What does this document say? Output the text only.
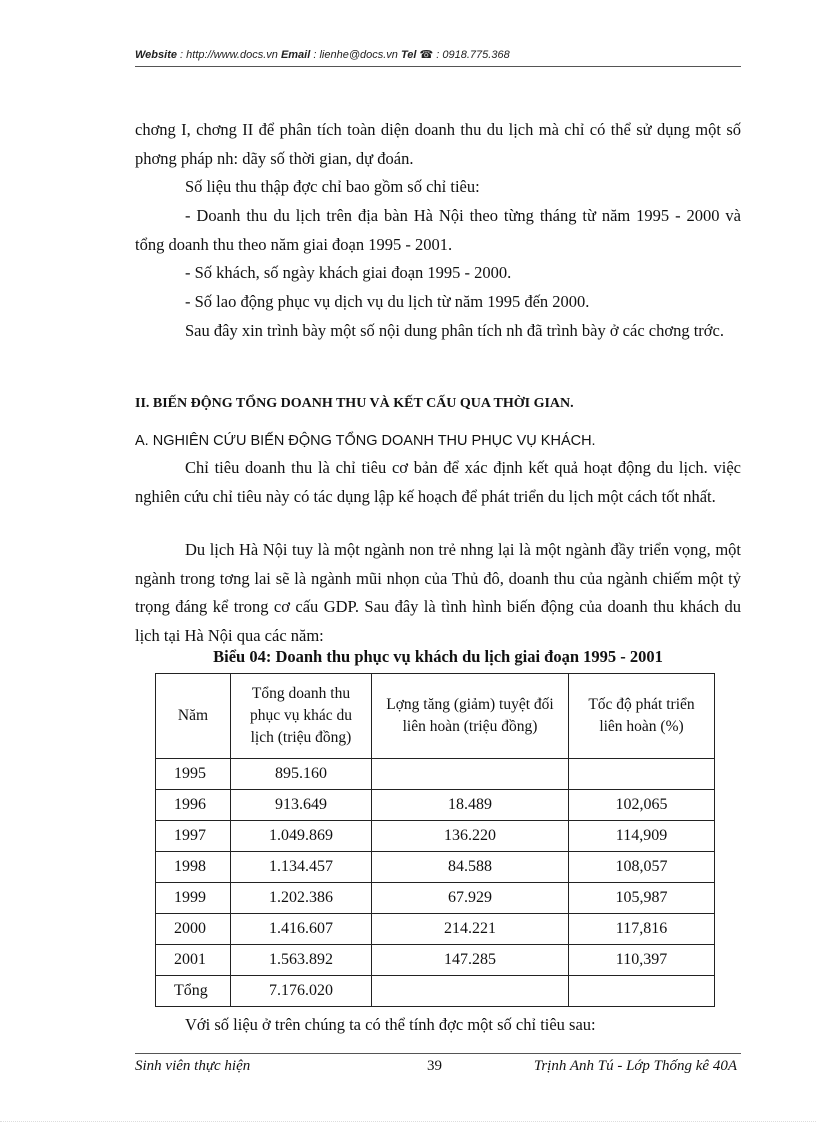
Website : http://www.docs.vn Email : lienhe@docs.vn Tel ☎ : 0918.775.368

chơng I, chơng II để phân tích toàn diện doanh thu du lịch mà chỉ có thể sử dụng một số phơng pháp nh: dãy số thời gian, dự đoán.

Số liệu thu thập đợc chỉ bao gồm số chỉ tiêu:

- Doanh thu du lịch trên địa bàn Hà Nội theo từng tháng từ năm 1995 - 2000 và tổng doanh thu theo năm giai đoạn 1995 - 2001.

- Số khách, số ngày khách giai đoạn 1995 - 2000.

- Số lao động phục vụ dịch vụ du lịch từ năm 1995 đến 2000.

Sau đây xin trình bày một số nội dung phân tích nh đã trình bày ở các chơng trớc.

II. BIẾN ĐỘNG TỔNG DOANH THU VÀ KẾT CẤU QUA THỜI GIAN.

A. NGHIÊN CỨU BIẾN ĐỘNG TỔNG DOANH THU PHỤC VỤ KHÁCH.

Chỉ tiêu doanh thu là chỉ tiêu cơ bản để xác định kết quả hoạt động du lịch. việc nghiên cứu chỉ tiêu này có tác dụng lập kế hoạch để phát triển du lịch một cách tốt nhất.

Du lịch Hà Nội tuy là một ngành non trẻ nhng lại là một ngành đầy triển vọng, một ngành trong tơng lai sẽ là ngành mũi nhọn của Thủ đô, doanh thu của ngành chiếm một tỷ trọng đáng kể trong cơ cấu GDP. Sau đây là tình hình biến động của doanh thu khách du lịch tại Hà Nội qua các năm:

Biểu 04: Doanh thu phục vụ khách du lịch giai đoạn 1995 - 2001

Năm	Tổng doanh thu phục vụ khác du lịch (triệu đồng)	Lợng tăng (giảm) tuyệt đối liên hoàn (triệu đồng)	Tốc độ phát triển liên hoàn (%)
1995	895.160		
1996	913.649	18.489	102,065
1997	1.049.869	136.220	114,909
1998	1.134.457	84.588	108,057
1999	1.202.386	67.929	105,987
2000	1.416.607	214.221	117,816
2001	1.563.892	147.285	110,397
Tổng	7.176.020		

Với số liệu ở trên chúng ta có thể tính đợc một số chỉ tiêu sau:

Sinh viên thực hiện	39	Trịnh Anh Tú - Lớp Thống kê 40A
